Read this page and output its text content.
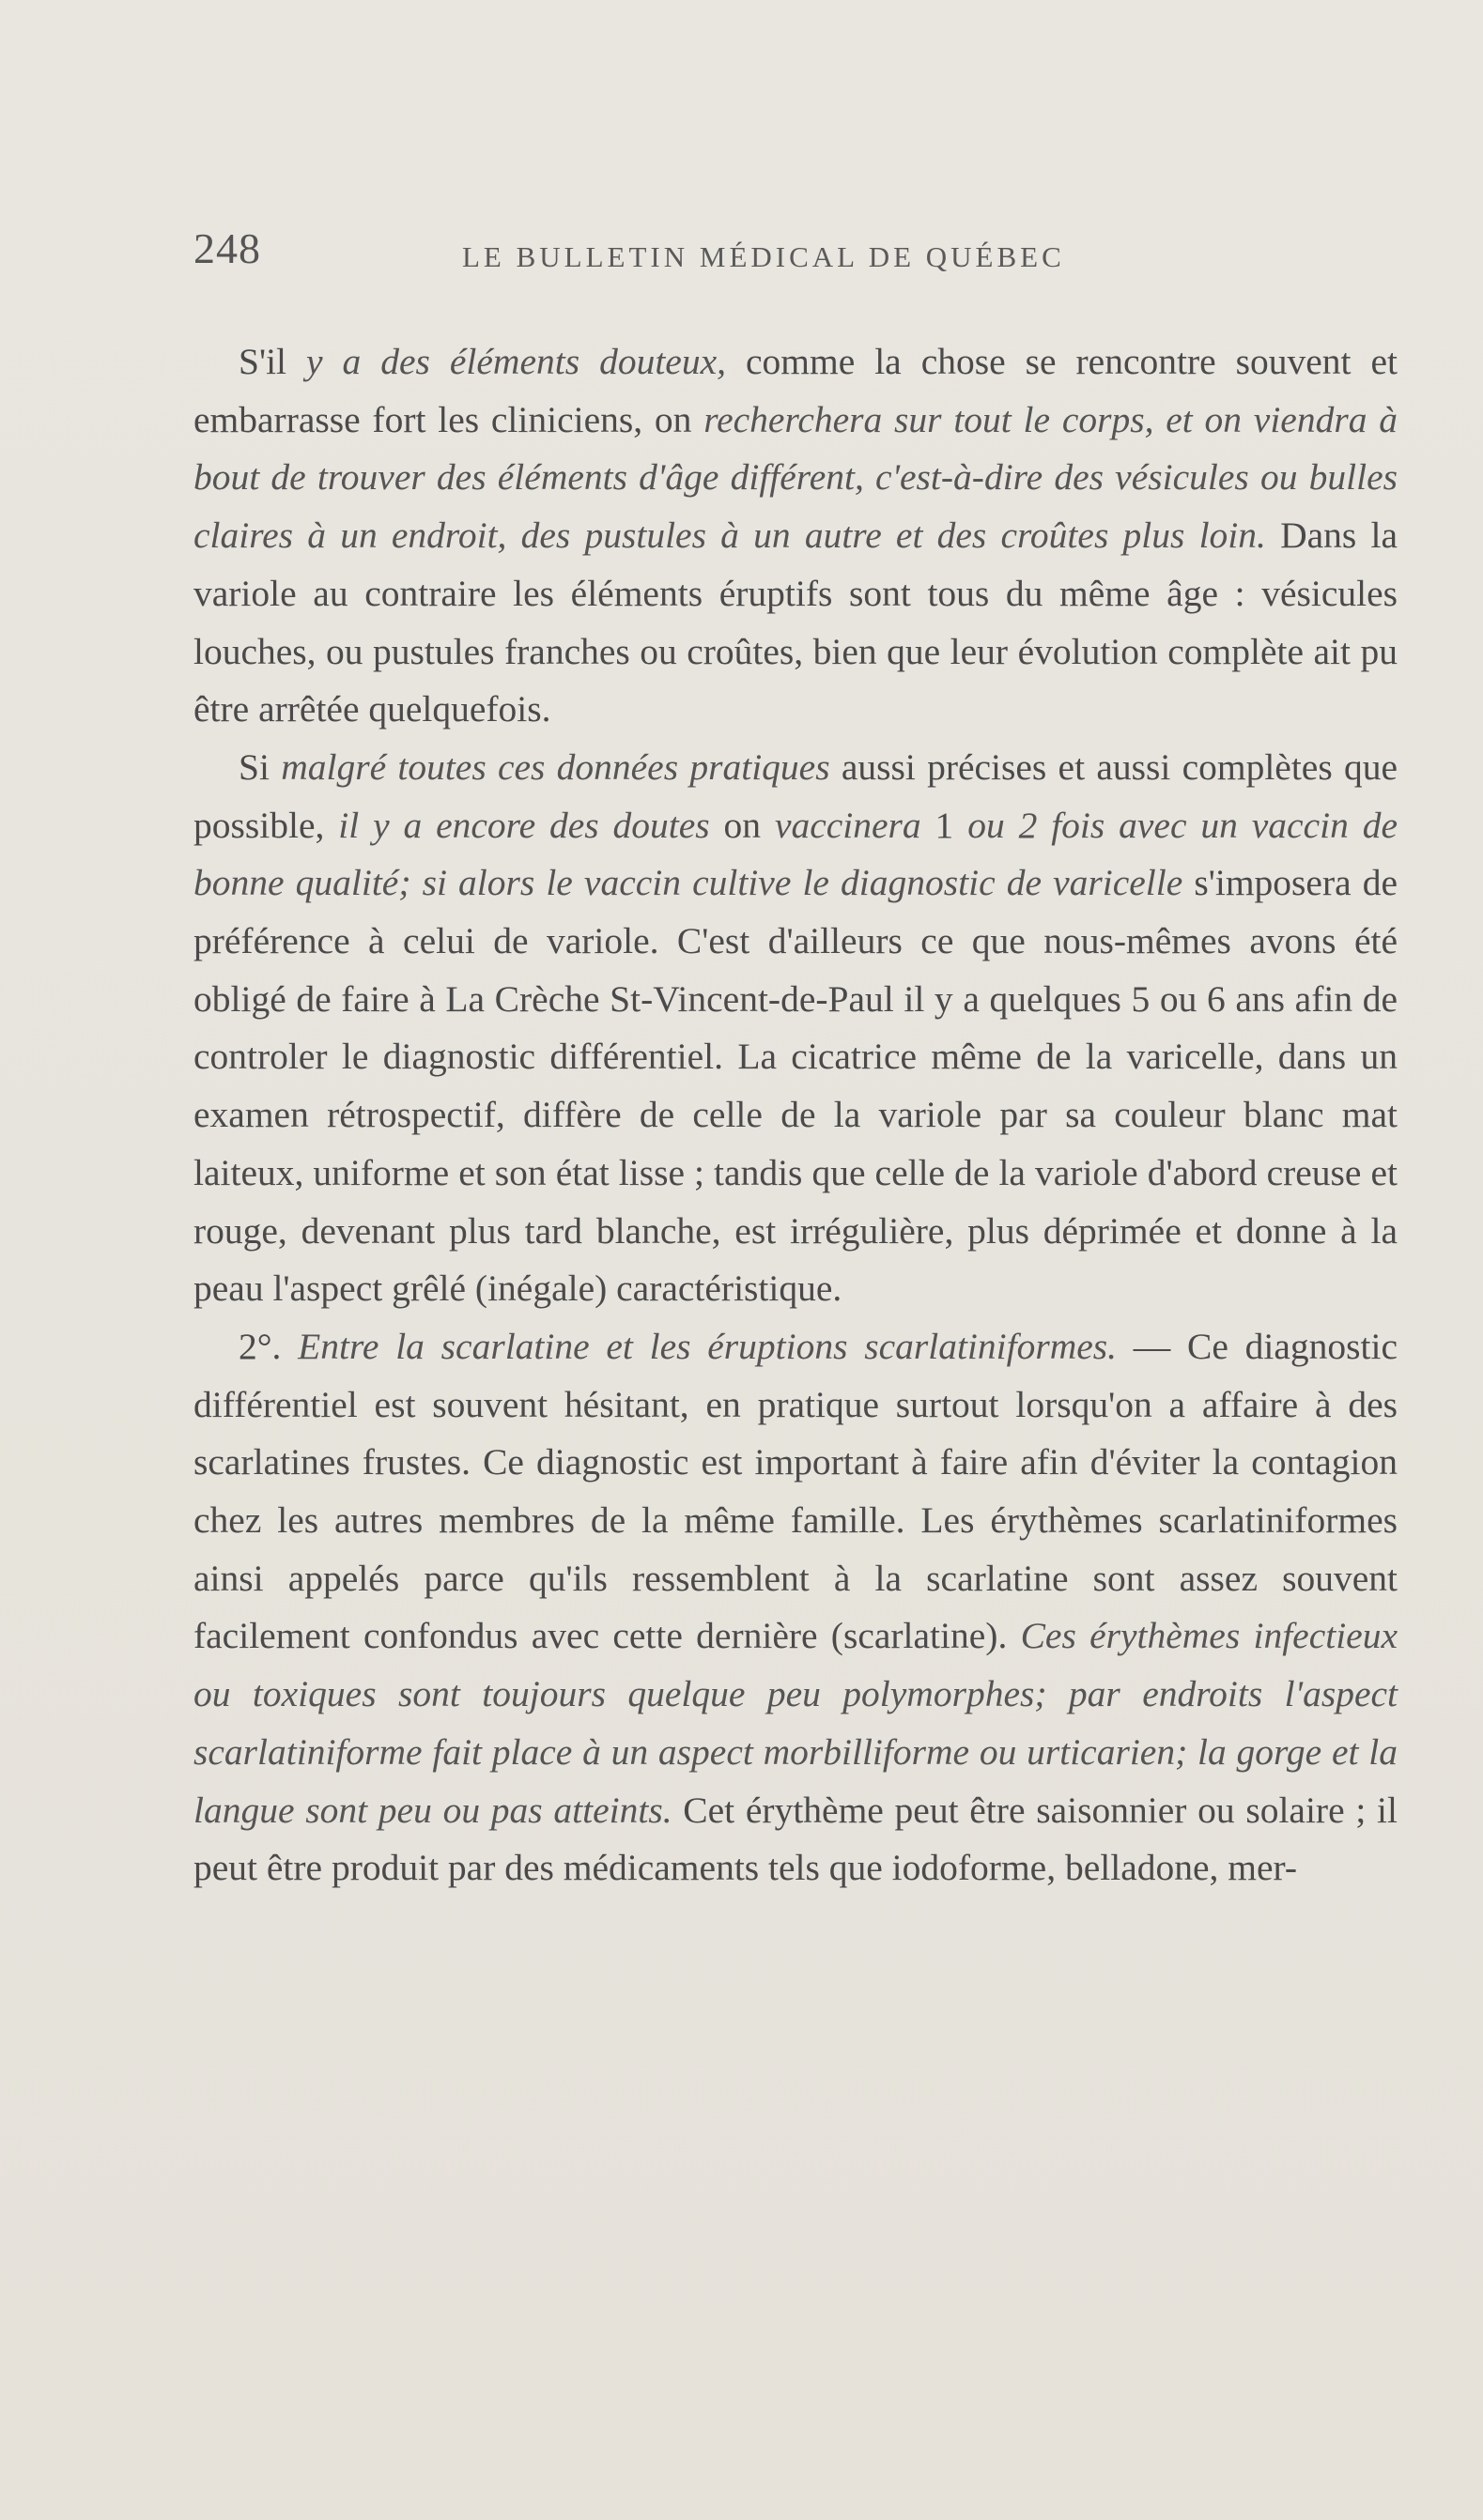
248	LE BULLETIN MÉDICAL DE QUÉBEC

S'il y a des éléments douteux, comme la chose se rencontre souvent et embarrasse fort les cliniciens, on recherchera sur tout le corps, et on viendra à bout de trouver des éléments d'âge différent, c'est-à-dire des vésicules ou bulles claires à un endroit, des pustules à un autre et des croûtes plus loin. Dans la variole au contraire les éléments éruptifs sont tous du même âge : vésicules louches, ou pustules franches ou croûtes, bien que leur évolution complète ait pu être arrêtée quelquefois.

Si malgré toutes ces données pratiques aussi précises et aussi complètes que possible, il y a encore des doutes on vaccinera 1 ou 2 fois avec un vaccin de bonne qualité; si alors le vaccin cultive le diagnostic de varicelle s'imposera de préférence à celui de variole. C'est d'ailleurs ce que nous-mêmes avons été obligé de faire à La Crèche St-Vincent-de-Paul il y a quelques 5 ou 6 ans afin de controler le diagnostic différentiel. La cicatrice même de la varicelle, dans un examen rétrospectif, diffère de celle de la variole par sa couleur blanc mat laiteux, uniforme et son état lisse ; tandis que celle de la variole d'abord creuse et rouge, devenant plus tard blanche, est irrégulière, plus déprimée et donne à la peau l'aspect grêlé (inégale) caractéristique.

2°. Entre la scarlatine et les éruptions scarlatiniformes. — Ce diagnostic différentiel est souvent hésitant, en pratique surtout lorsqu'on a affaire à des scarlatines frustes. Ce diagnostic est important à faire afin d'éviter la contagion chez les autres membres de la même famille. Les érythèmes scarlatiniformes ainsi appelés parce qu'ils ressemblent à la scarlatine sont assez souvent facilement confondus avec cette dernière (scarlatine). Ces érythèmes infectieux ou toxiques sont toujours quelque peu polymorphes; par endroits l'aspect scarlatiniforme fait place à un aspect morbilliforme ou urticarien; la gorge et la langue sont peu ou pas atteints. Cet érythème peut être saisonnier ou solaire ; il peut être produit par des médicaments tels que iodoforme, belladone, mer-
